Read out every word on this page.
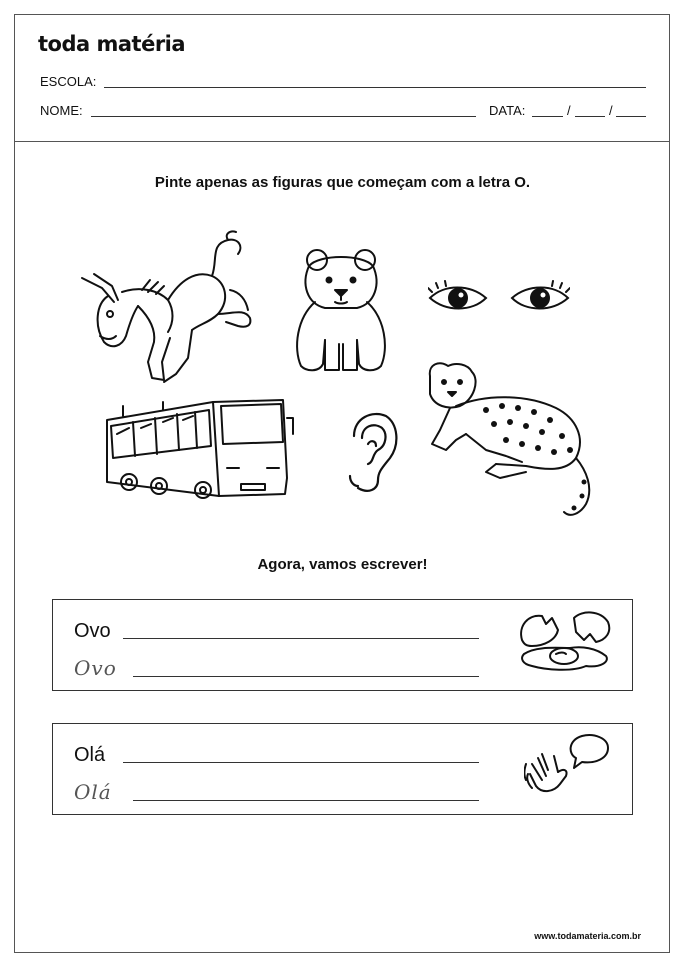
toda matéria
ESCOLA:
NOME:	DATA:	/	/
Pinte apenas as figuras que começam com a letra O.
Agora, vamos escrever!
Ovo
Ovo
Olá
Olá
www.todamateria.com.br
